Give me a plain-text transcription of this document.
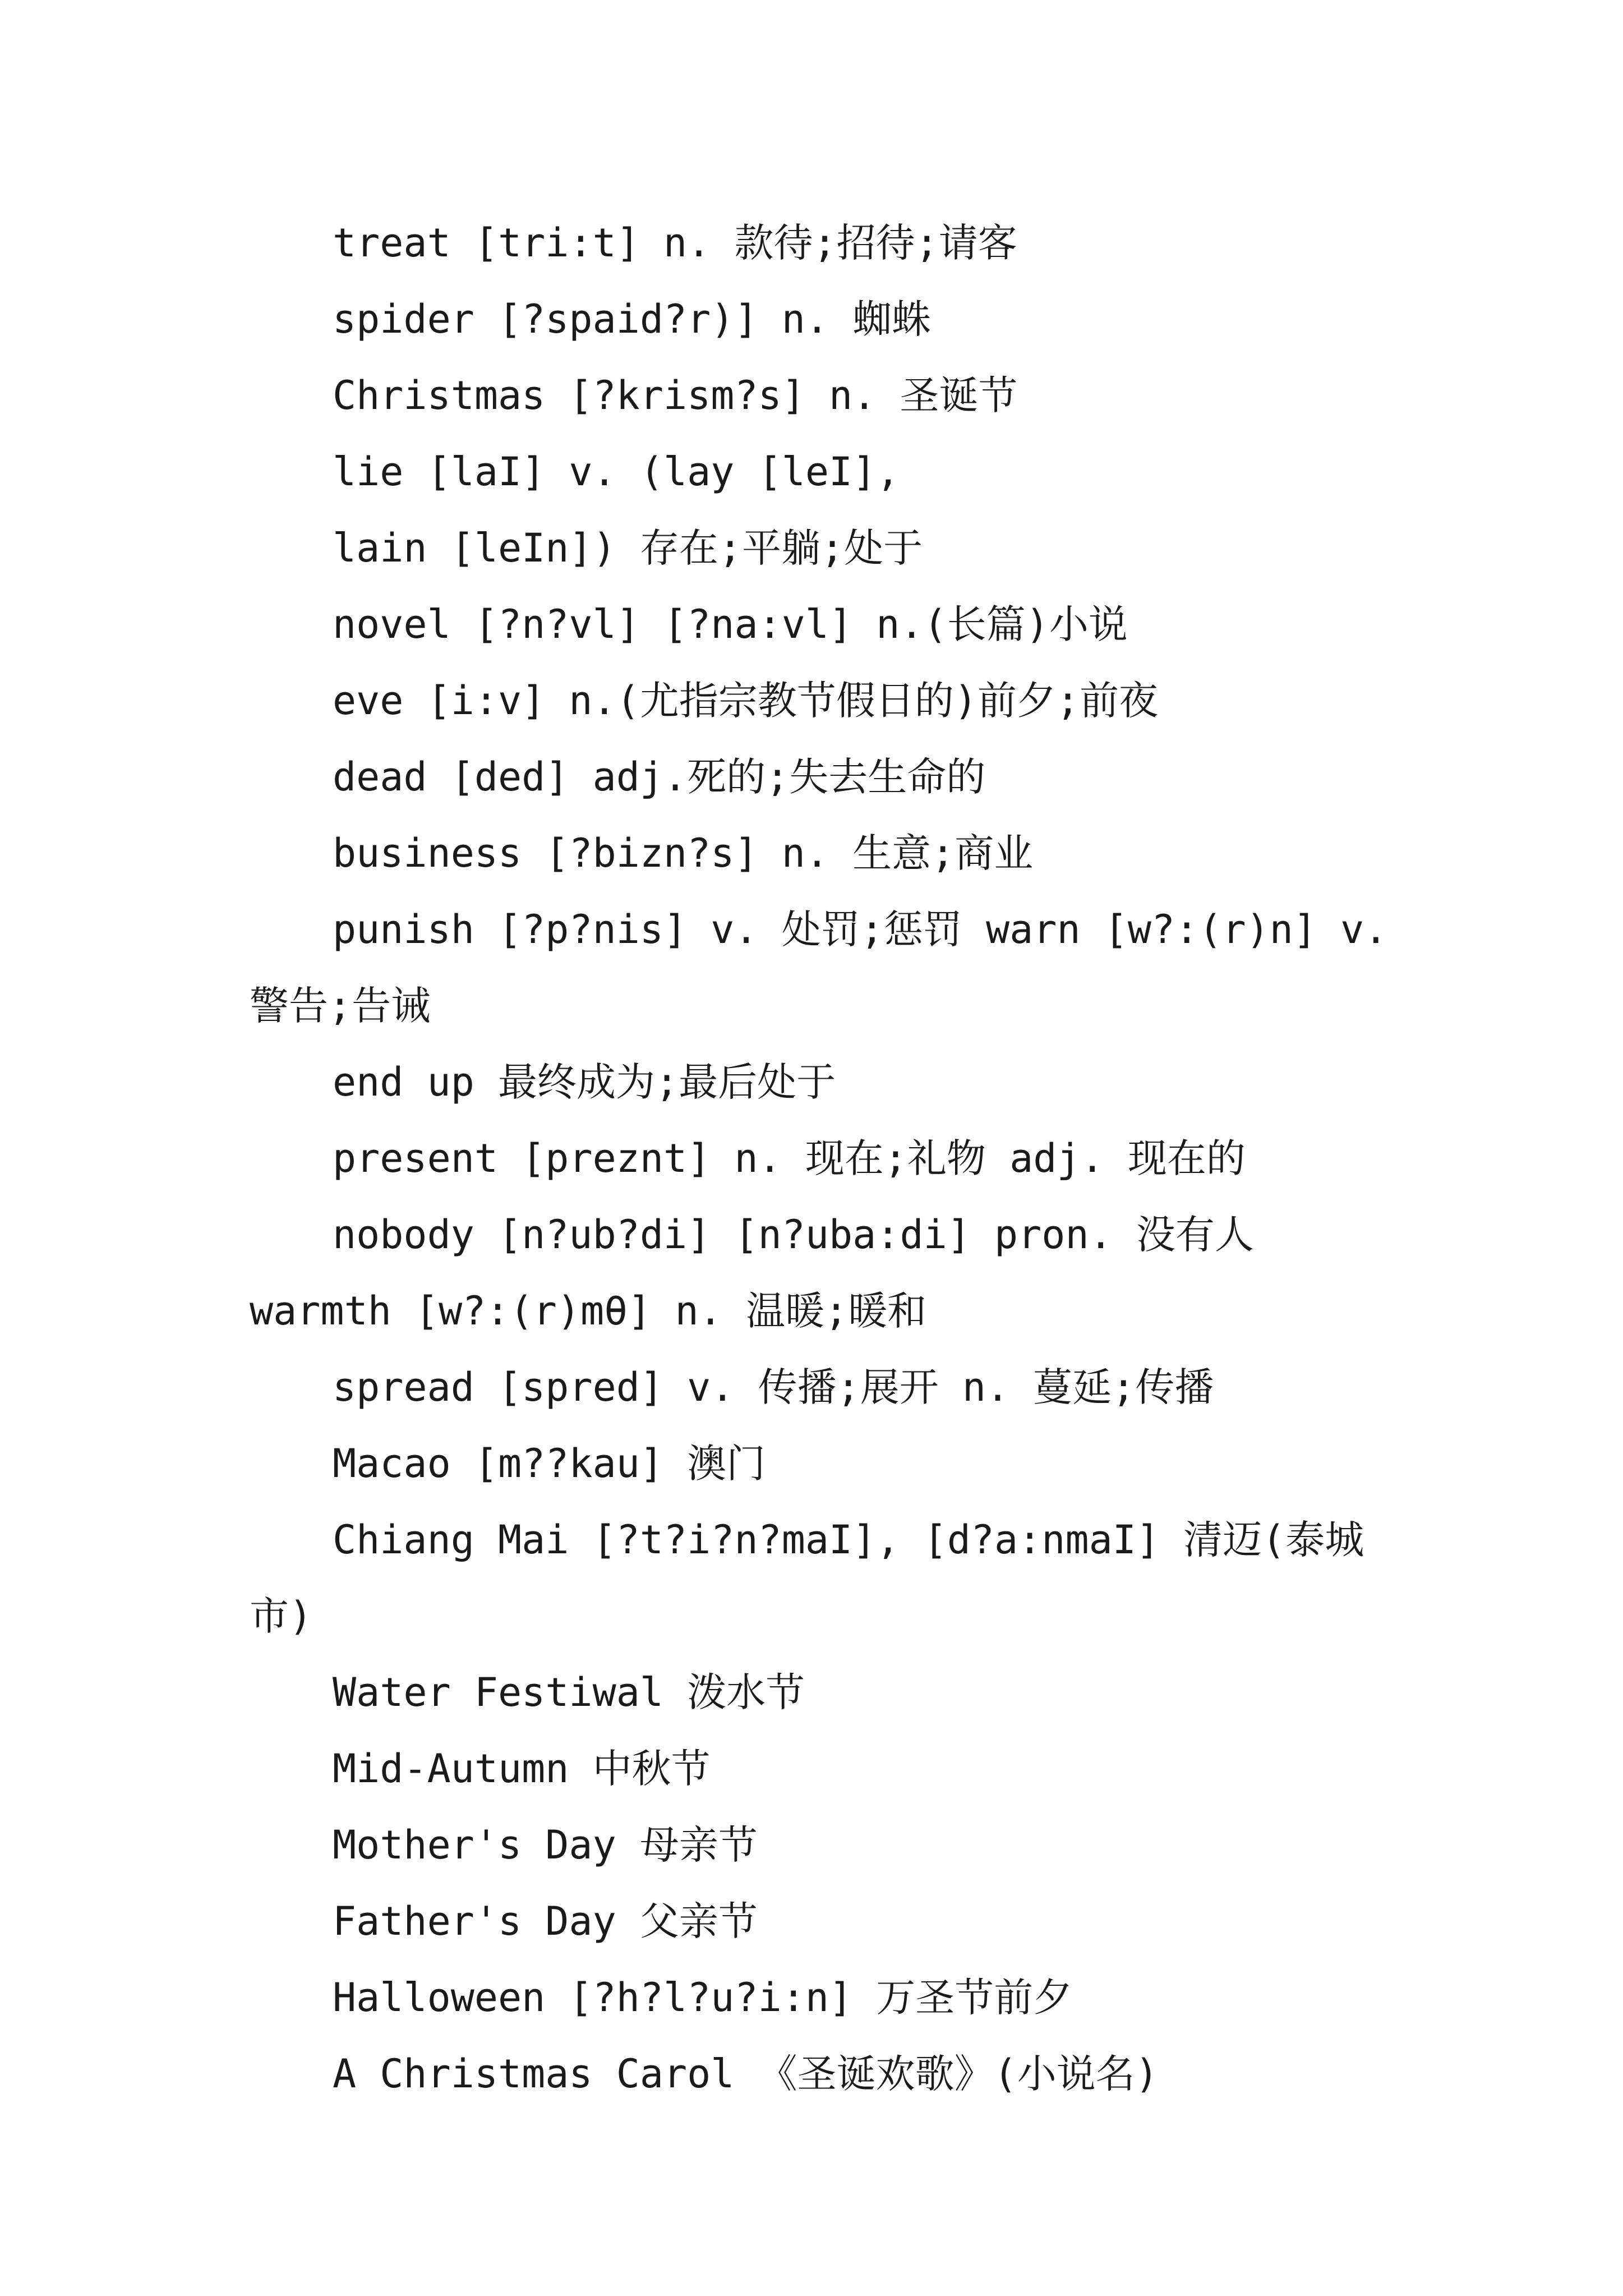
treat [tri:t] n. 款待;招待;请客
spider [?spaid?r)] n. 蜘蛛
Christmas [?krism?s] n. 圣诞节
lie [laI] v. (lay [leI],
lain [leIn]) 存在;平躺;处于
novel [?n?vl] [?na:vl] n.(长篇)小说
eve [i:v] n.(尤指宗教节假日的)前夕;前夜
dead [ded] adj.死的;失去生命的
business [?bizn?s] n. 生意;商业
punish [?p?nis] v. 处罚;惩罚 warn [w?:(r)n] v. 警告;告诫
end up 最终成为;最后处于
present [preznt] n. 现在;礼物 adj. 现在的
nobody [n?ub?di] [n?uba:di] pron. 没有人 warmth [w?:(r)mθ] n. 温暖;暖和
spread [spred] v. 传播;展开 n. 蔓延;传播
Macao [m??kau] 澳门
Chiang Mai [?t?i?n?maI], [d?a:nmaI] 清迈(泰城市)
Water Festiwal 泼水节
Mid-Autumn 中秋节
Mother's Day 母亲节
Father's Day 父亲节
Halloween [?h?l?u?i:n] 万圣节前夕
A Christmas Carol 《圣诞欢歌》(小说名)
